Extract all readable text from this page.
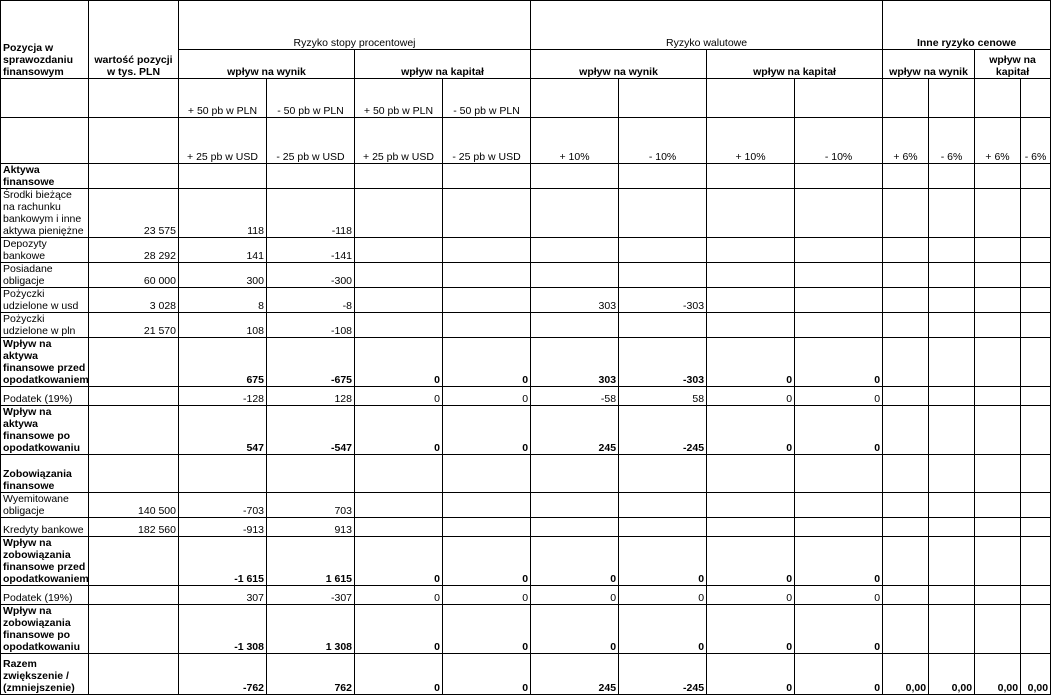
Pozycja w sprawozdaniu finansowym	wartość pozycji w tys. PLN	Ryzyko stopy procentowej				Ryzyko walutowe				Inne ryzyko cenowe			
		wpływ na wynik		wpływ na kapitał		wpływ na wynik		wpływ na kapitał		wpływ na wynik		wpływ na kapitał	
		+ 50 pb w PLN	- 50 pb w PLN	+ 50 pb w PLN	- 50 pb w PLN								
		+ 25 pb w USD	- 25 pb w USD	+ 25 pb w USD	- 25 pb w USD	+ 10%	- 10%	+ 10%	- 10%	+ 6%	- 6%	+ 6%	- 6%
Aktywa finansowe													
Środki bieżące na rachunku bankowym i inne aktywa pieniężne	23 575	118	-118										
Depozyty bankowe	28 292	141	-141										
Posiadane obligacje	60 000	300	-300										
Pożyczki udzielone w usd	3 028	8	-8			303	-303						
Pożyczki udzielone w pln	21 570	108	-108										
Wpływ na aktywa finansowe przed opodatkowaniem		675	-675	0	0	303	-303	0	0				
Podatek (19%)		-128	128	0	0	-58	58	0	0				
Wpływ na aktywa finansowe po opodatkowaniu		547	-547	0	0	245	-245	0	0				
Zobowiązania finansowe													
Wyemitowane obligacje	140 500	-703	703										
Kredyty bankowe	182 560	-913	913										
Wpływ na zobowiązania finansowe przed opodatkowaniem		-1 615	1 615	0	0	0	0	0	0				
Podatek (19%)		307	-307	0	0	0	0	0	0				
Wpływ na zobowiązania finansowe po opodatkowaniu		-1 308	1 308	0	0	0	0	0	0				
Razem zwiększenie / (zmniejszenie)		-762	762	0	0	245	-245	0	0	0,00	0,00	0,00	0,00
